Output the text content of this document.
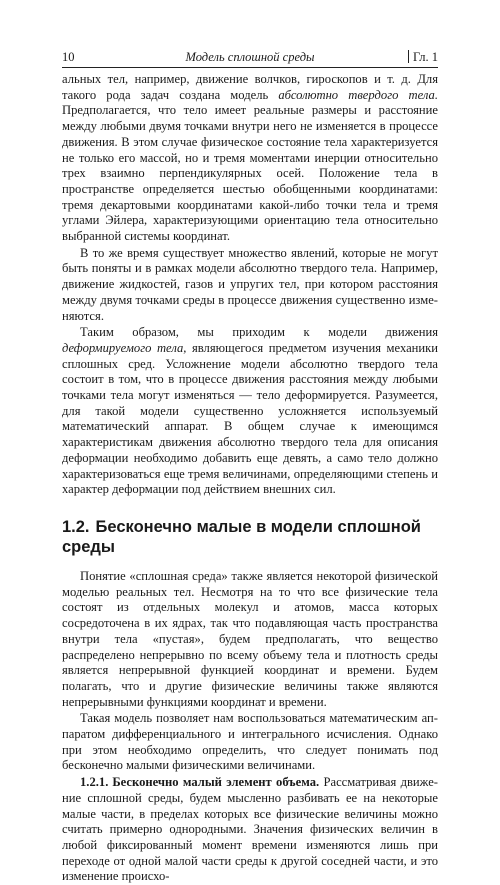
10	Модель сплошной среды	Гл. 1

альных тел, например, движение волчков, гироскопов и т. д. Для такого рода задач создана модель абсолютно твердого тела. Предполагается, что тело имеет реальные размеры и расстояние между любыми двумя точками внутри него не изменяется в процессе движения. В этом случае физическое состояние тела характеризуется не только его массой, но и тремя моментами инерции относительно трех взаимно перпендикулярных осей. Положение тела в пространстве определяется шестью обобщенными координатами: тремя декартовыми координатами какой-либо точки тела и тремя углами Эйлера, характеризующими ориентацию тела относительно выбранной системы координат.

В то же время существует множество явлений, которые не могут быть поняты и в рамках модели абсолютно твердого тела. Например, движение жидкостей, газов и упругих тел, при котором расстояния между двумя точками среды в процессе движения существенно изменяются.

Таким образом, мы приходим к модели движения деформируемого тела, являющегося предметом изучения механики сплошных сред. Усложнение модели абсолютно твердого тела состоит в том, что в процессе движения расстояния между любыми точками тела могут изменяться — тело деформируется. Разумеется, для такой модели существенно усложняется используемый математический аппарат. В общем случае к имеющимся характеристикам движения абсолютно твердого тела для описания деформации необходимо добавить еще девять, а само тело должно характеризоваться еще тремя величинами, определяющими степень и характер деформации под действием внешних сил.

1.2. Бесконечно малые в модели сплошной среды

Понятие «сплошная среда» также является некоторой физической моделью реальных тел. Несмотря на то что все физические тела состоят из отдельных молекул и атомов, масса которых сосредоточена в их ядрах, так что подавляющая часть пространства внутри тела «пустая», будем предполагать, что вещество распределено непрерывно по всему объему тела и плотность среды является непрерывной функцией координат и времени. Будем полагать, что и другие физические величины также являются непрерывными функциями координат и времени.

Такая модель позволяет нам воспользоваться математическим аппаратом дифференциального и интегрального исчисления. Однако при этом необходимо определить, что следует понимать под бесконечно малыми физическими величинами.

1.2.1. Бесконечно малый элемент объема. Рассматривая движение сплошной среды, будем мысленно разбивать ее на некоторые малые части, в пределах которых все физические величины можно считать примерно однородными. Значения физических величин в любой фиксированный момент времени изменяются лишь при переходе от одной малой части среды к другой соседней части, и это изменение происхо-
